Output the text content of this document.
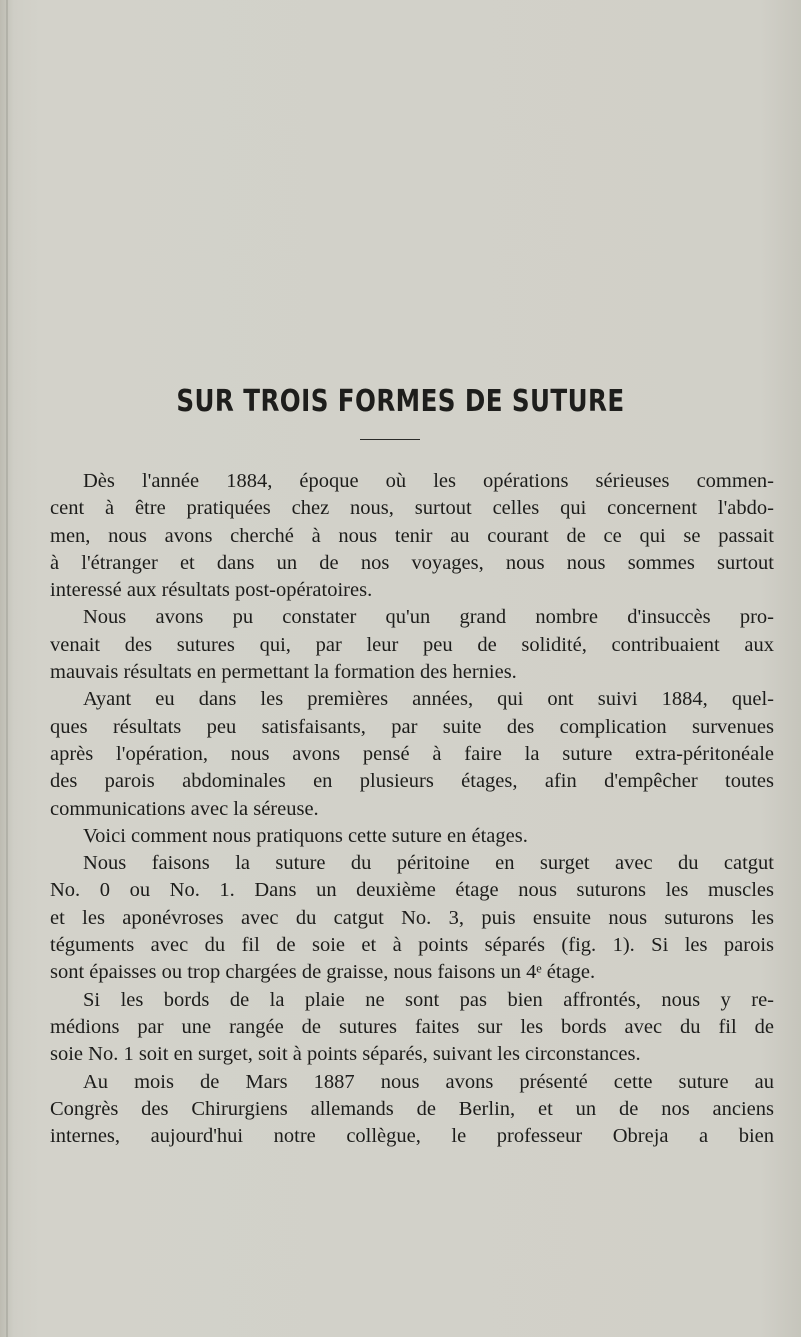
SUR TROIS FORMES DE SUTURE
Dès l'année 1884, époque où les opérations sérieuses commen-
cent à être pratiquées chez nous, surtout celles qui concernent l'abdo-
men, nous avons cherché à nous tenir au courant de ce qui se passait
à l'étranger et dans un de nos voyages, nous nous sommes surtout
interessé aux résultats post-opératoires.
Nous avons pu constater qu'un grand nombre d'insuccès pro-
venait des sutures qui, par leur peu de solidité, contribuaient aux
mauvais résultats en permettant la formation des hernies.
Ayant eu dans les premières années, qui ont suivi 1884, quel-
ques résultats peu satisfaisants, par suite des complication survenues
après l'opération, nous avons pensé à faire la suture extra-péritonéale
des parois abdominales en plusieurs étages, afin d'empêcher toutes
communications avec la séreuse.
Voici comment nous pratiquons cette suture en étages.
Nous faisons la suture du péritoine en surget avec du catgut
No. 0 ou No. 1. Dans un deuxième étage nous suturons les muscles
et les aponévroses avec du catgut No. 3, puis ensuite nous suturons les
téguments avec du fil de soie et à points séparés (fig. 1). Si les parois
sont épaisses ou trop chargées de graisse, nous faisons un 4ᵉ étage.
Si les bords de la plaie ne sont pas bien affrontés, nous y re-
médions par une rangée de sutures faites sur les bords avec du fil de
soie No. 1 soit en surget, soit à points séparés, suivant les circonstances.
Au mois de Mars 1887 nous avons présenté cette suture au
Congrès des Chirurgiens allemands de Berlin, et un de nos anciens
internes, aujourd'hui notre collègue, le professeur Obreja a bien
